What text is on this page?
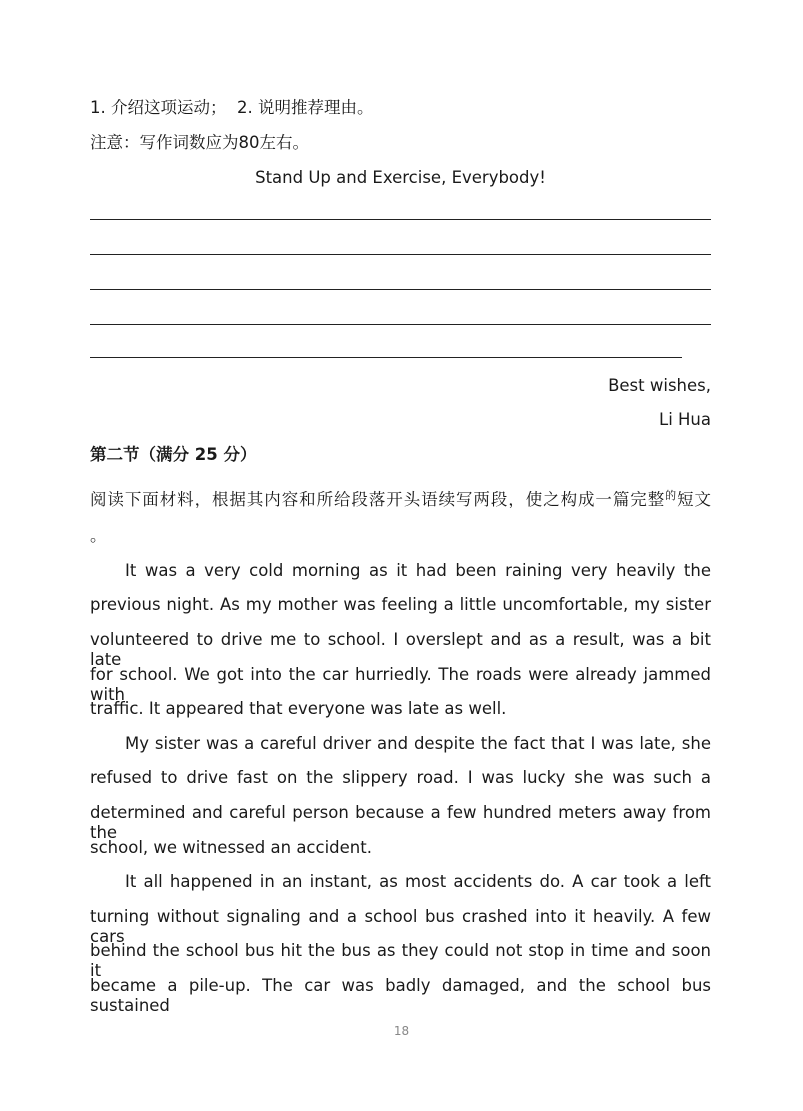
1. 介绍这项运动； 2. 说明推荐理由。
注意：写作词数应为80左右。
Stand Up and Exercise, Everybody!
Best wishes,
Li Hua
第二节（满分 25 分）
阅读下面材料，根据其内容和所给段落开头语续写两段，使之构成一篇完整$^的$短文
。
It was a very cold morning as it had been raining very heavily the
previous night. As my mother was feeling a little uncomfortable, my sister
volunteered to drive me to school. I overslept and as a result, was a bit late
for school. We got into the car hurriedly. The roads were already jammed with
traffic. It appeared that everyone was late as well.
My sister was a careful driver and despite the fact that I was late, she
refused to drive fast on the slippery road. I was lucky she was such a
determined and careful person because a few hundred meters away from the
school, we witnessed an accident.
It all happened in an instant, as most accidents do. A car took a left
turning without signaling and a school bus crashed into it heavily. A few cars
behind the school bus hit the bus as they could not stop in time and soon it
became a pile-up. The car was badly damaged, and the school bus sustained
18
